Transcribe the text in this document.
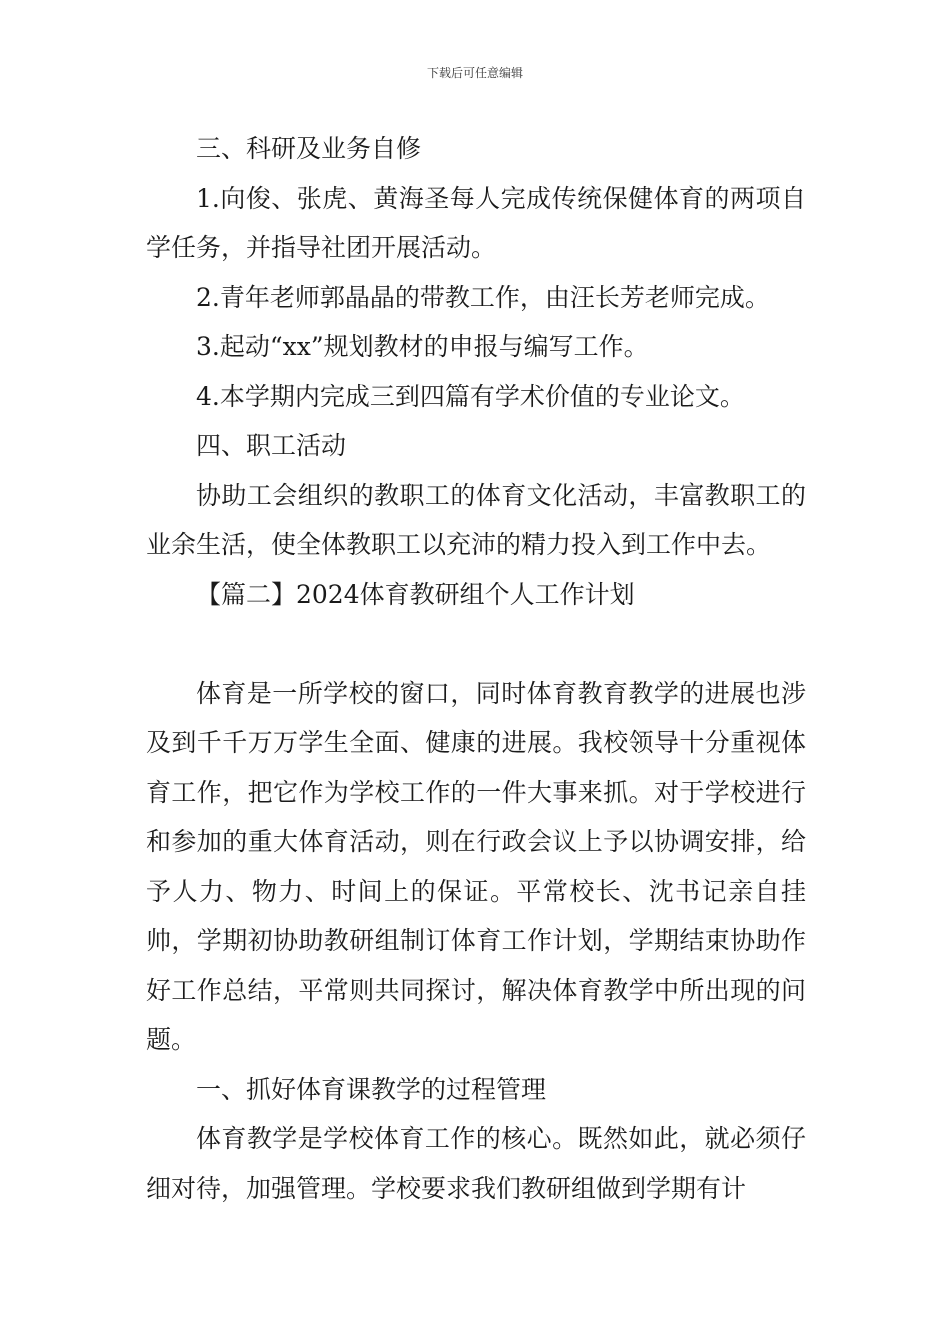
下载后可任意编辑

三、科研及业务自修

1.向俊、张虎、黄海圣每人完成传统保健体育的两项自学任务，并指导社团开展活动。

2.青年老师郭晶晶的带教工作，由汪长芳老师完成。

3.起动“xx”规划教材的申报与编写工作。

4.本学期内完成三到四篇有学术价值的专业论文。

四、职工活动

协助工会组织的教职工的体育文化活动，丰富教职工的业余生活，使全体教职工以充沛的精力投入到工作中去。

【篇二】2024体育教研组个人工作计划

体育是一所学校的窗口，同时体育教育教学的进展也涉及到千千万万学生全面、健康的进展。我校领导十分重视体育工作，把它作为学校工作的一件大事来抓。对于学校进行和参加的重大体育活动，则在行政会议上予以协调安排，给予人力、物力、时间上的保证。平常校长、沈书记亲自挂帅，学期初协助教研组制订体育工作计划，学期结束协助作好工作总结，平常则共同探讨，解决体育教学中所出现的问题。

一、抓好体育课教学的过程管理

体育教学是学校体育工作的核心。既然如此，就必须仔细对待，加强管理。学校要求我们教研组做到学期有计
